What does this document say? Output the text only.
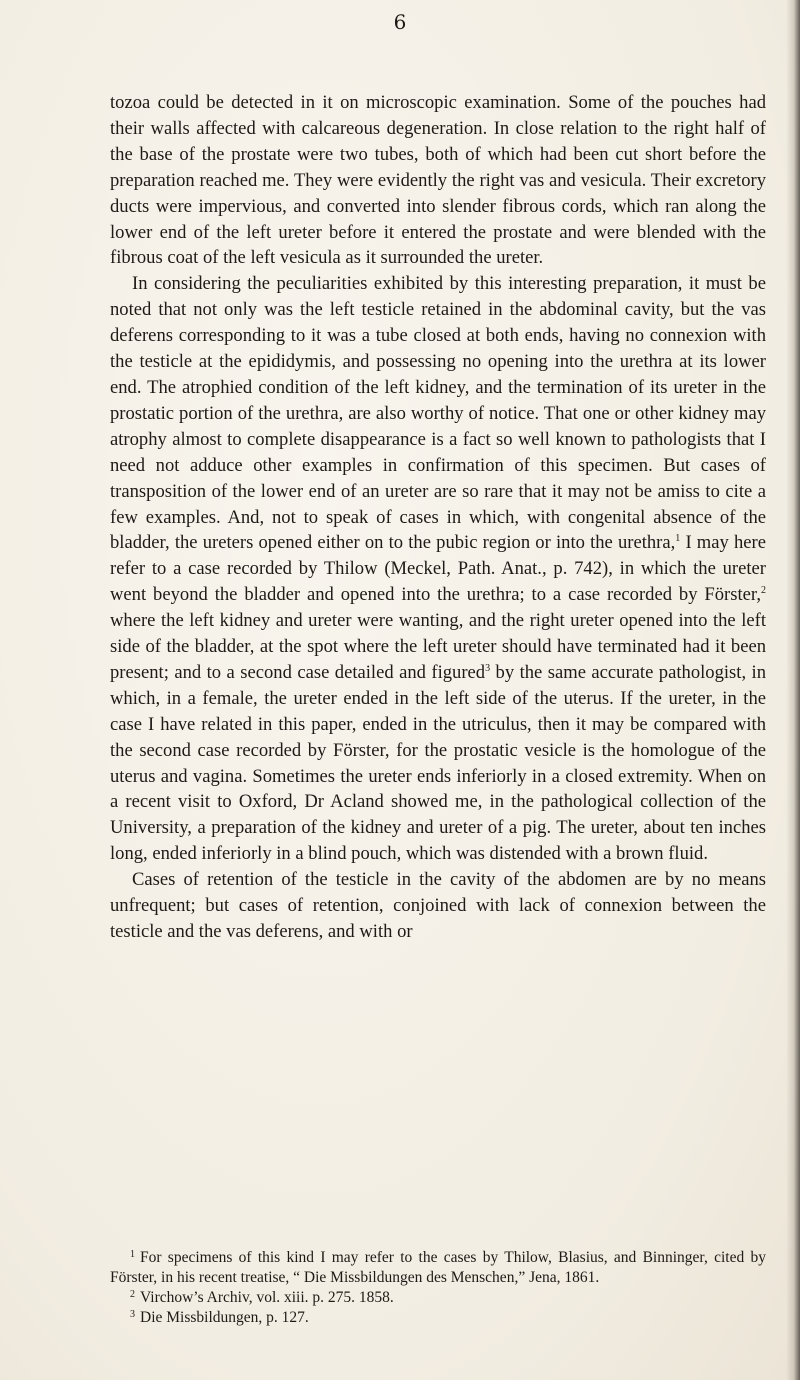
6

tozoa could be detected in it on microscopic examination. Some of the pouches had their walls affected with calcareous degeneration. In close relation to the right half of the base of the prostate were two tubes, both of which had been cut short before the preparation reached me. They were evidently the right vas and vesicula. Their excretory ducts were impervious, and converted into slender fibrous cords, which ran along the lower end of the left ureter before it entered the prostate and were blended with the fibrous coat of the left vesicula as it surrounded the ureter.

In considering the peculiarities exhibited by this interesting preparation, it must be noted that not only was the left testicle retained in the abdominal cavity, but the vas deferens corresponding to it was a tube closed at both ends, having no connexion with the testicle at the epididymis, and possessing no opening into the urethra at its lower end. The atrophied condition of the left kidney, and the termination of its ureter in the prostatic portion of the urethra, are also worthy of notice. That one or other kidney may atrophy almost to complete disappearance is a fact so well known to pathologists that I need not adduce other examples in confirmation of this specimen. But cases of transposition of the lower end of an ureter are so rare that it may not be amiss to cite a few examples. And, not to speak of cases in which, with congenital absence of the bladder, the ureters opened either on to the pubic region or into the urethra,$^1$ I may here refer to a case recorded by Thilow (Meckel, Path. Anat., p. 742), in which the ureter went beyond the bladder and opened into the urethra; to a case recorded by Förster,$^2$ where the left kidney and ureter were wanting, and the right ureter opened into the left side of the bladder, at the spot where the left ureter should have terminated had it been present; and to a second case detailed and figured$^3$ by the same accurate pathologist, in which, in a female, the ureter ended in the left side of the uterus. If the ureter, in the case I have related in this paper, ended in the utriculus, then it may be compared with the second case recorded by Förster, for the prostatic vesicle is the homologue of the uterus and vagina. Sometimes the ureter ends inferiorly in a closed extremity. When on a recent visit to Oxford, Dr Acland showed me, in the pathological collection of the University, a preparation of the kidney and ureter of a pig. The ureter, about ten inches long, ended inferiorly in a blind pouch, which was distended with a brown fluid.

Cases of retention of the testicle in the cavity of the abdomen are by no means unfrequent; but cases of retention, conjoined with lack of connexion between the testicle and the vas deferens, and with or

$^1$ For specimens of this kind I may refer to the cases by Thilow, Blasius, and Binninger, cited by Förster, in his recent treatise, “ Die Missbildungen des Menschen,” Jena, 1861.

$^2$ Virchow’s Archiv, vol. xiii. p. 275. 1858.

$^3$ Die Missbildungen, p. 127.
